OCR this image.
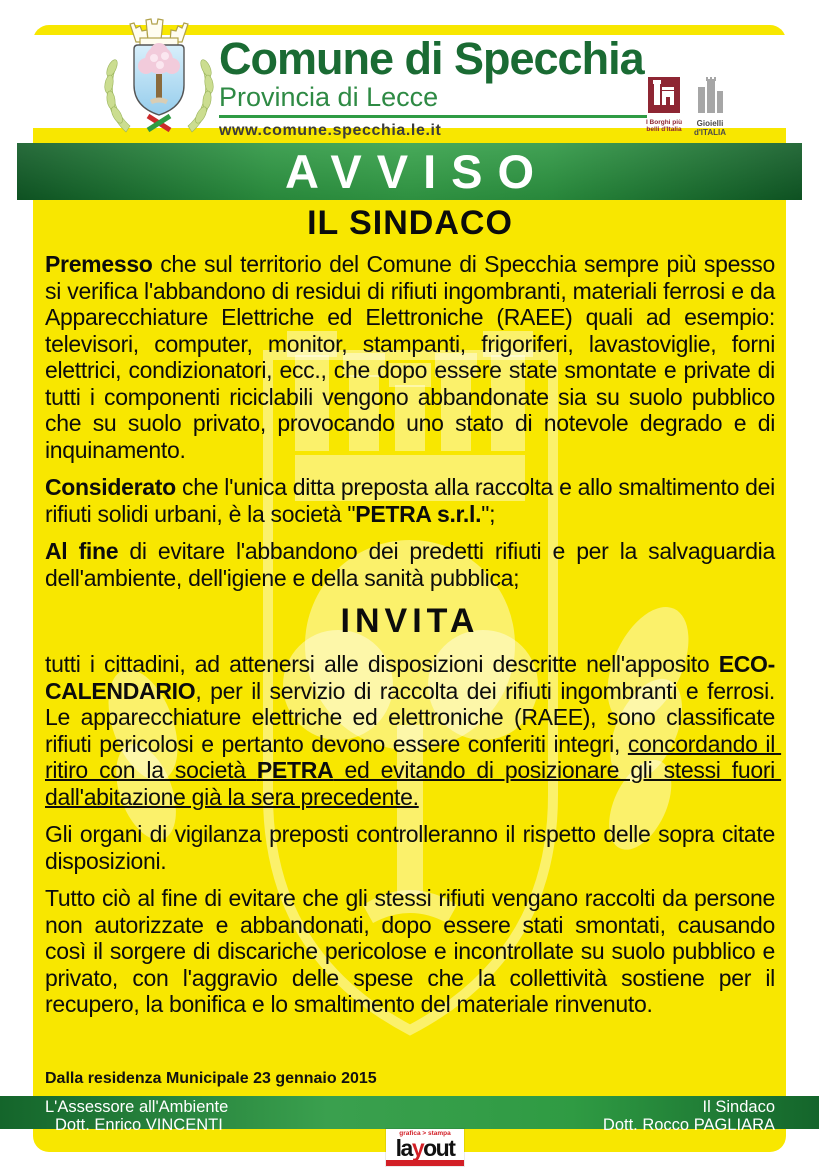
Comune di Specchia
Provincia di Lecce
www.comune.specchia.le.it	I Borghi più belli d'Italia
Gioielli d'ITALIA
AVVISO
IL SINDACO

Premesso che sul territorio del Comune di Specchia sempre più spesso si verifica l'abbandono di residui di rifiuti ingombranti, materiali ferrosi e da Apparecchiature Elettriche ed Elettroniche (RAEE) quali ad esempio: televisori, computer, monitor, stampanti, frigoriferi, lavastoviglie, forni elettrici, condizionatori, ecc., che dopo essere state smontate e private di tutti i componenti riciclabili vengono abbandonate sia su suolo pubblico che su suolo privato, provocando uno stato di notevole degrado e di inquinamento.

Considerato che l'unica ditta preposta alla raccolta e allo smaltimento dei rifiuti solidi urbani, è la società "PETRA s.r.l.";

Al fine di evitare l'abbandono dei predetti rifiuti e per la salvaguardia dell'ambiente, dell'igiene e della sanità pubblica;

INVITA

tutti i cittadini, ad attenersi alle disposizioni descritte nell'apposito ECO-CALENDARIO, per il servizio di raccolta dei rifiuti ingombranti e ferrosi. Le apparecchiature elettriche ed elettroniche (RAEE), sono classificate rifiuti pericolosi e pertanto devono essere conferiti integri, concordando il ritiro con la società PETRA ed evitando di posizionare gli stessi fuori dall'abitazione già la sera precedente.

Gli organi di vigilanza preposti controlleranno il rispetto delle sopra citate disposizioni.

Tutto ciò al fine di evitare che gli stessi rifiuti vengano raccolti da persone non autorizzate e abbandonati, dopo essere stati smontati, causando così il sorgere di discariche pericolose e incontrollate su suolo pubblico e privato, con l'aggravio delle spese che la collettività sostiene per il recupero, la bonifica e lo smaltimento del materiale rinvenuto.

Dalla residenza Municipale 23 gennaio 2015
L'Assessore all'Ambiente
Dott. Enrico VINCENTI
Il Sindaco
Dott. Rocco PAGLIARA
grafica > stampa
layout
